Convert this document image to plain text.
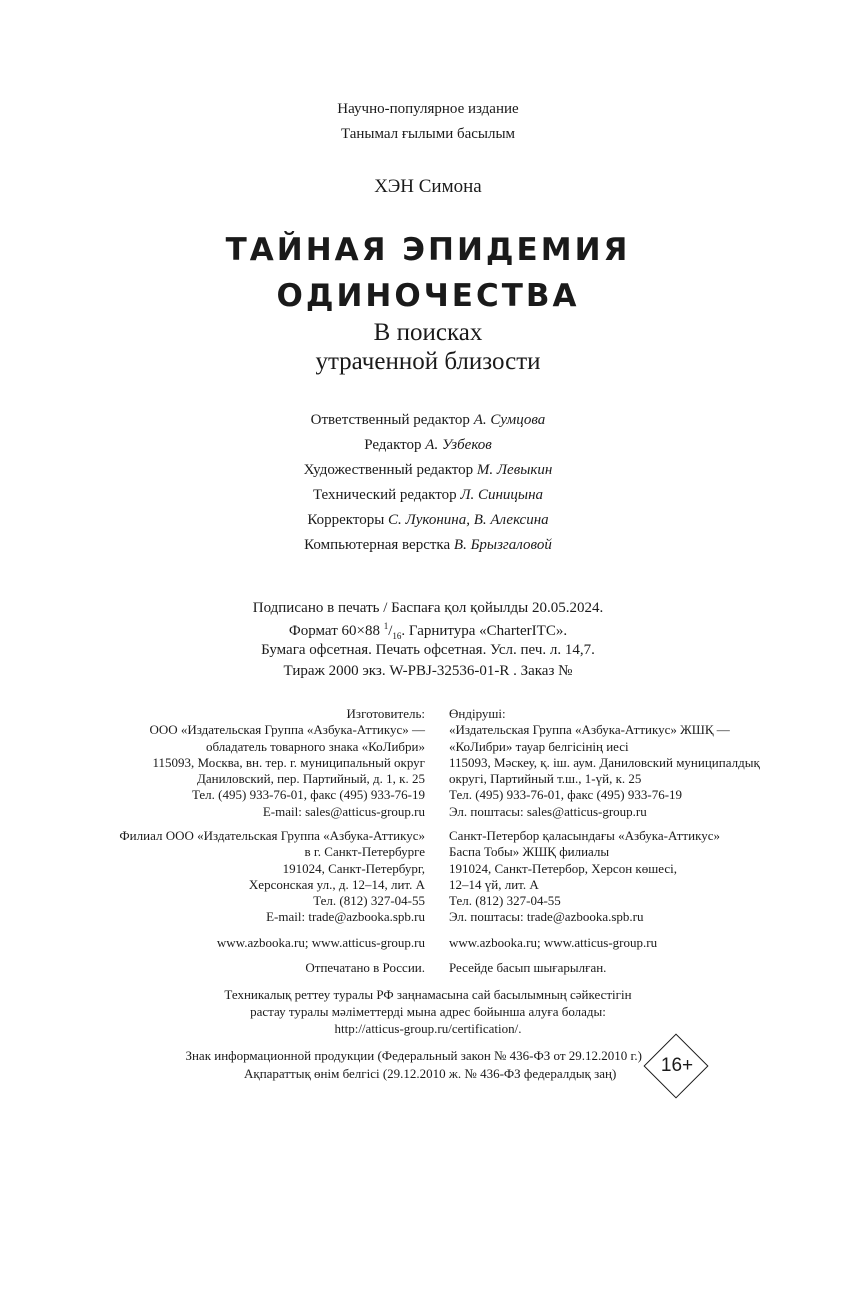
Научно-популярное издание
Танымал ғылыми басылым
ХЭН Симона
ТАЙНАЯ ЭПИДЕМИЯ
ОДИНОЧЕСТВА
В поисках
утраченной близости
Ответственный редактор А. Сумцова
Редактор А. Узбеков
Художественный редактор М. Левыкин
Технический редактор Л. Синицына
Корректоры С. Луконина, В. Алексина
Компьютерная верстка В. Брызгаловой
Подписано в печать / Баспаға қол қойылды 20.05.2024.
Формат 60×88 $^1/_{16}$. Гарнитура «CharterITC».
Бумага офсетная. Печать офсетная. Усл. печ. л. 14,7.
Тираж 2000 экз. W-PBJ-32536-01-R . Заказ №
Изготовитель:
ООО «Издательская Группа «Азбука-Аттикус» —
обладатель товарного знака «КоЛибри»
115093, Москва, вн. тер. г. муниципальный округ
Даниловский, пер. Партийный, д. 1, к. 25
Тел. (495) 933-76-01, факс (495) 933-76-19
E-mail: sales@atticus-group.ru
Өндіруші:
«Издательская Группа «Азбука-Аттикус» ЖШҚ —
«КоЛибри» тауар белгісінің иесі
115093, Мәскеу, қ. іш. аум. Даниловский муниципалдық
округі, Партийный т.ш., 1-үй, к. 25
Тел. (495) 933-76-01, факс (495) 933-76-19
Эл. поштасы: sales@atticus-group.ru
Филиал ООО «Издательская Группа «Азбука-Аттикус»
в г. Санкт-Петербурге
191024, Санкт-Петербург,
Херсонская ул., д. 12–14, лит. А
Тел. (812) 327-04-55
E-mail: trade@azbooka.spb.ru
Санкт-Петербор қаласындағы «Азбука-Аттикус»
Баспа Тобы» ЖШҚ филиалы
191024, Санкт-Петербор, Херсон көшесі,
12–14 үй, лит. А
Тел. (812) 327-04-55
Эл. поштасы: trade@azbooka.spb.ru
www.azbooka.ru; www.atticus-group.ru www.azbooka.ru; www.atticus-group.ru
Отпечатано в России. Ресейде басып шығарылған.
Техникалық реттеу туралы РФ заңнамасына сай басылымның сәйкестігін
растау туралы мәліметтерді мына адрес бойынша алуға болады:
http://atticus-group.ru/certification/.
Знак информационной продукции (Федеральный закон № 436-ФЗ от 29.12.2010 г.)
Ақпараттық өнім белгісі (29.12.2010 ж. № 436-ФЗ федералдық заң)	16+
